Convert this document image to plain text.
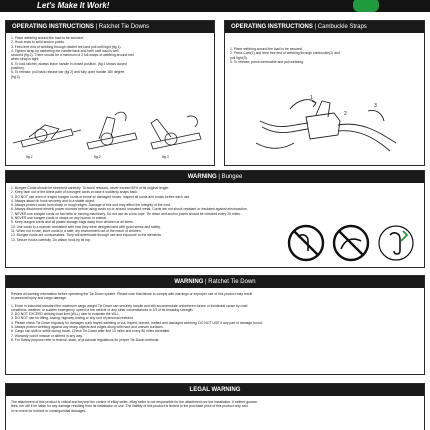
Let's Make It Work!
OPERATING INSTRUCTIONS | Ratchet Tie Downs
1. Place webbing around the load to be secured.
2. Hook ends to solid anchor points.
3. Feed free end of webbing through ratchet reel and pull until tight (fig.1).
4. Tighten strap by ratcheting the handle back and forth until load is well
secured (fig.2). There should be a minimum of 2 full wraps of webbing around reel
when strap is tight.
5. To lock ratchet, always leave handle in closed position. (fig.1 shows closed
position).
6. To release, pull back release bar (fig.2) and fully open handle 180 degree
(fig.3).
fig.1	fig.2	fig.3
OPERATING INSTRUCTIONS | Cambuckle Straps
1. Place webbing around the load to be secured.
2. Press Cam(1) and feed free end of webbing through cambuckle(2) and
pull tight(3).
3. To release, press cambuckle and pull webbing.
1
2
3
WARNING | Bungee
1. Bungee Cords should be stretched carefully. To avoid rebound, never exceed 50% of its original length.
2. Keep face out of the direct path of a bungee cords in case it suddenly snaps back.
3. DO NOT use worn or frayed bungee cords or those w/ damaged hooks. Inspect all cords and hooks before each use.
4. Always attach th hook securely and to a stable object.
5. Always protect cords from sharp or rough edges. Damage of this sort may affect the integrity of the cord.
6. Always disconnect electric power sources before using cords on or around uncoated metal. Cords are not shock resistant or insulated against electrocution.
7. NEVER use bungee cords on fan belts or moving machinery. Do not use as a tow rope. Tie down and anchor points should be checked every 25 miles.
8. NEVER use bungee cords or straps on any human or animal.
9. Keep bungee cords and all plastic storage bags away from children at all times.
10. Use cords in a manner consistent with how they were designed and with good sense and safety.
11. When not in use, store cords in a safe, dry environment out of the reach of children.
12. Bungee cords are consumables. They will deteriorate through use and exposure to the elements.
13. Secure hooks carefully. Do attach hook by its top.
WARNING | Ratchet Tie Down
Review all warning information before operating the Tie-Down system. Please note that failure to comply with warnings or improper use of this product may result
in personal injury and cargo damage.
1. Excel in Industrial standard the maximum cargo weight Tie Down can securely handle and still accommodate unforeseen forces or incidental cause by road
conditions, weather, or sudden emergency, speed of the vehicle or any other circumstances is 1/3 of its breaking strength.
2. DO NOT EXCEED working load limit (WLL) user to evaluate the WLL.
3. DO NOT use for lifting, towing, highway towing or any sort of personal restraint.
4. Please check Tie-Down regularly for damages such frayed webbing or cut, frayed, burned, melted and damaged webbing. DO NOT USE if any part of damage found.
5. Always protect webbing against any sharp objects and edges along with hard and uneven surfaces.
6. Cargo can shift or settle during travel. Check Tie-Down after first 10 miles and every 50 miles thereafter.
7. Warranty void if misuse or altered in any way.
8. For Safety purpose refer to federal, state, or provincial regulations for proper Tie-Down methods.
LEGAL WARNING
The attachment of this product is critical and beyond the control of eBay seller. eBay seller is not responsible for the attachment nor the installation. It neither guaran-
tees, nor will it be liable for any damage resulting from its installation or use. The liability of this product is limited to the purchase price of this product only and
in no event for indirect or consequential damages.
